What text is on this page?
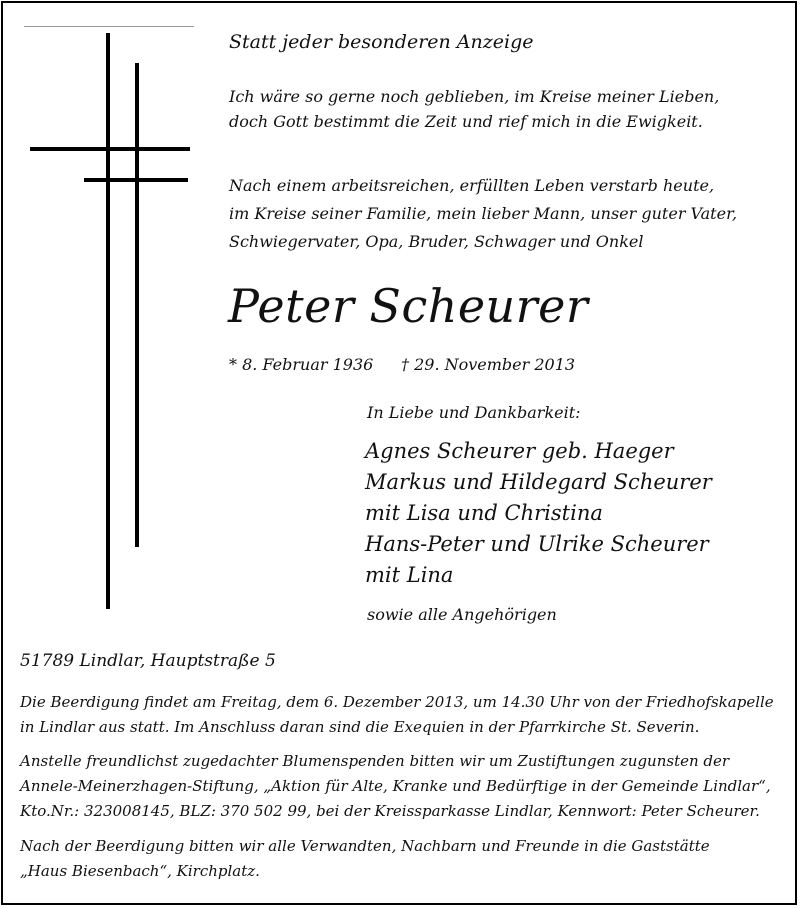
Statt jeder besonderen Anzeige

Ich wäre so gerne noch geblieben, im Kreise meiner Lieben,

doch Gott bestimmt die Zeit und rief mich in die Ewigkeit.

Nach einem arbeitsreichen, erfüllten Leben verstarb heute,

im Kreise seiner Familie, mein lieber Mann, unser guter Vater,

Schwiegervater, Opa, Bruder, Schwager und Onkel

Peter Scheurer

* 8. Februar 1936 † 29. November 2013

In Liebe und Dankbarkeit:

Agnes Scheurer geb. Haeger

Markus und Hildegard Scheurer

mit Lisa und Christina

Hans-Peter und Ulrike Scheurer

mit Lina

sowie alle Angehörigen

51789 Lindlar, Hauptstraße 5

Die Beerdigung findet am Freitag, dem 6. Dezember 2013, um 14.30 Uhr von der Friedhofskapelle

in Lindlar aus statt. Im Anschluss daran sind die Exequien in der Pfarrkirche St. Severin.

Anstelle freundlichst zugedachter Blumenspenden bitten wir um Zustiftungen zugunsten der

Annele-Meinerzhagen-Stiftung, „Aktion für Alte, Kranke und Bedürftige in der Gemeinde Lindlar“,

Kto.Nr.: 323008145, BLZ: 370 502 99, bei der Kreissparkasse Lindlar, Kennwort: Peter Scheurer.

Nach der Beerdigung bitten wir alle Verwandten, Nachbarn und Freunde in die Gaststätte

„Haus Biesenbach“, Kirchplatz.
